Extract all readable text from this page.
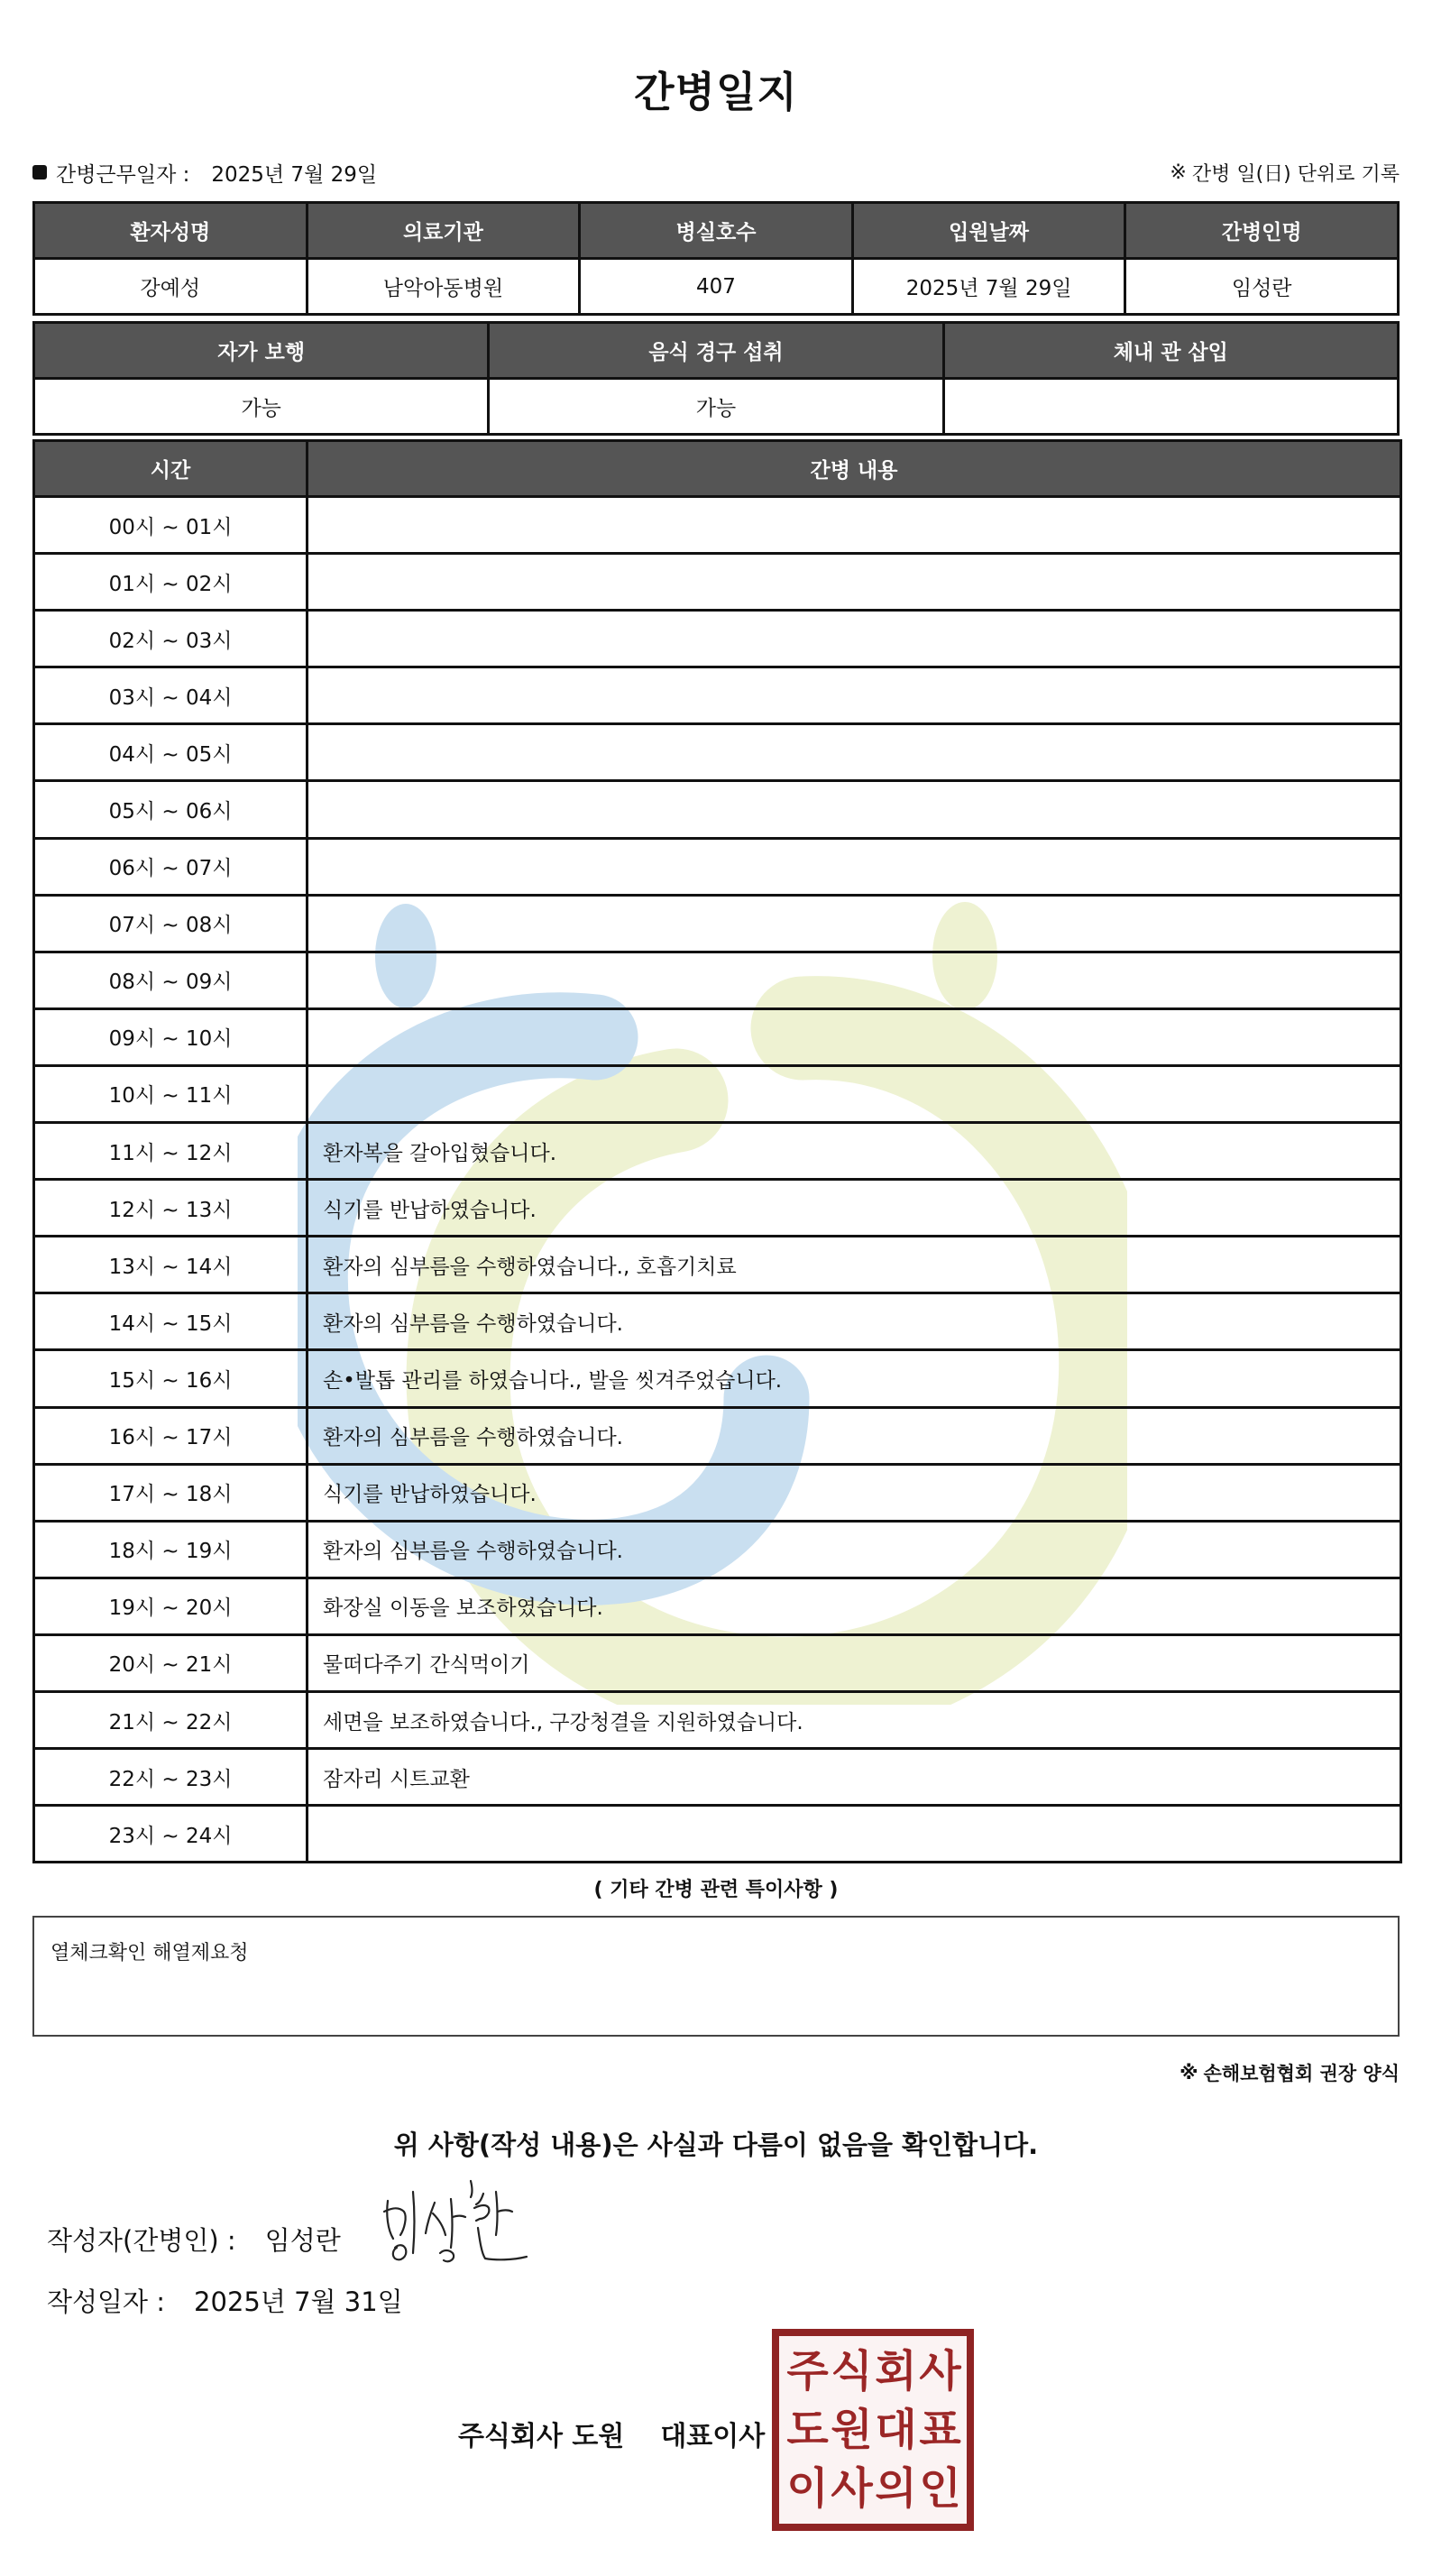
간병일지
간병근무일자 : 2025년 7월 29일	※ 간병 일(日) 단위로 기록
환자성명	의료기관	병실호수	입원날짜	간병인명
강예성	남악아동병원	407	2025년 7월 29일	임성란
자가 보행	음식 경구 섭취	체내 관 삽입
가능	가능	
시간	간병 내용
00시 ~ 01시	
01시 ~ 02시	
02시 ~ 03시	
03시 ~ 04시	
04시 ~ 05시	
05시 ~ 06시	
06시 ~ 07시	
07시 ~ 08시	
08시 ~ 09시	
09시 ~ 10시	
10시 ~ 11시	
11시 ~ 12시	환자복을 갈아입혔습니다.
12시 ~ 13시	식기를 반납하였습니다.
13시 ~ 14시	환자의 심부름을 수행하였습니다., 호흡기치료
14시 ~ 15시	환자의 심부름을 수행하였습니다.
15시 ~ 16시	손•발톱 관리를 하였습니다., 발을 씻겨주었습니다.
16시 ~ 17시	환자의 심부름을 수행하였습니다.
17시 ~ 18시	식기를 반납하였습니다.
18시 ~ 19시	환자의 심부름을 수행하였습니다.
19시 ~ 20시	화장실 이동을 보조하였습니다.
20시 ~ 21시	물떠다주기 간식먹이기
21시 ~ 22시	세면을 보조하였습니다., 구강청결을 지원하였습니다.
22시 ~ 23시	잠자리 시트교환
23시 ~ 24시	
( 기타 간병 관련 특이사항 )
열체크확인 해열제요청
※ 손해보험협회 권장 양식
위 사항(작성 내용)은 사실과 다름이 없음을 확인합니다.
작성자(간병인) : 임성란
작성일자 : 2025년 7월 31일
주식회사 도원 대표이사
주 식 회 사
도 원 대 표
이 사 의 인
